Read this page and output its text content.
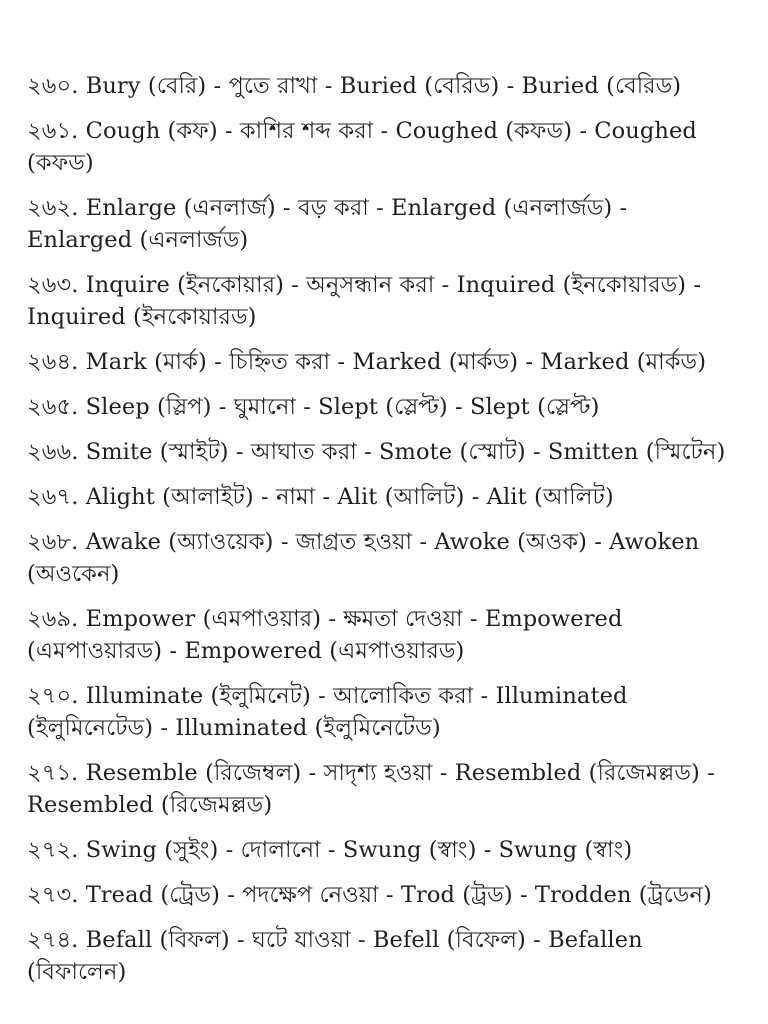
২৬০. Bury (বেরি) - পুতে রাখা - Buried (বেরিড) - Buried (বেরিড)

২৬১. Cough (কফ) - কাশির শব্দ করা - Coughed (কফড) - Coughed (কফড)

২৬২. Enlarge (এনলার্জ) - বড় করা - Enlarged (এনলার্জড) - Enlarged (এনলার্জড)

২৬৩. Inquire (ইনকোয়ার) - অনুসন্ধান করা - Inquired (ইনকোয়ারড) - Inquired (ইনকোয়ারড)

২৬৪. Mark (মার্ক) - চিহ্নিত করা - Marked (মার্কড) - Marked (মার্কড)

২৬৫. Sleep (স্লিপ) - ঘুমানো - Slept (স্লেপ্ট) - Slept (স্লেপ্ট)

২৬৬. Smite (স্মাইট) - আঘাত করা - Smote (স্মোট) - Smitten (স্মিটেন)

২৬৭. Alight (আলাইট) - নামা - Alit (আলিট) - Alit (আলিট)

২৬৮. Awake (অ্যাওয়েক) - জাগ্রত হওয়া - Awoke (অওক) - Awoken (অওকেন)

২৬৯. Empower (এমপাওয়ার) - ক্ষমতা দেওয়া - Empowered (এমপাওয়ারড) - Empowered (এমপাওয়ারড)

২৭০. Illuminate (ইলুমিনেট) - আলোকিত করা - Illuminated (ইলুমিনেটেড) - Illuminated (ইলুমিনেটেড)

২৭১. Resemble (রিজেম্বল) - সাদৃশ্য হওয়া - Resembled (রিজেমল্লড) - Resembled (রিজেমল্লড)

২৭২. Swing (সুইং) - দোলানো - Swung (স্বাং) - Swung (স্বাং)

২৭৩. Tread (ট্রেড) - পদক্ষেপ নেওয়া - Trod (ট্রড) - Trodden (ট্রডেন)

২৭৪. Befall (বিফল) - ঘটে যাওয়া - Befell (বিফেল) - Befallen (বিফালেন)
